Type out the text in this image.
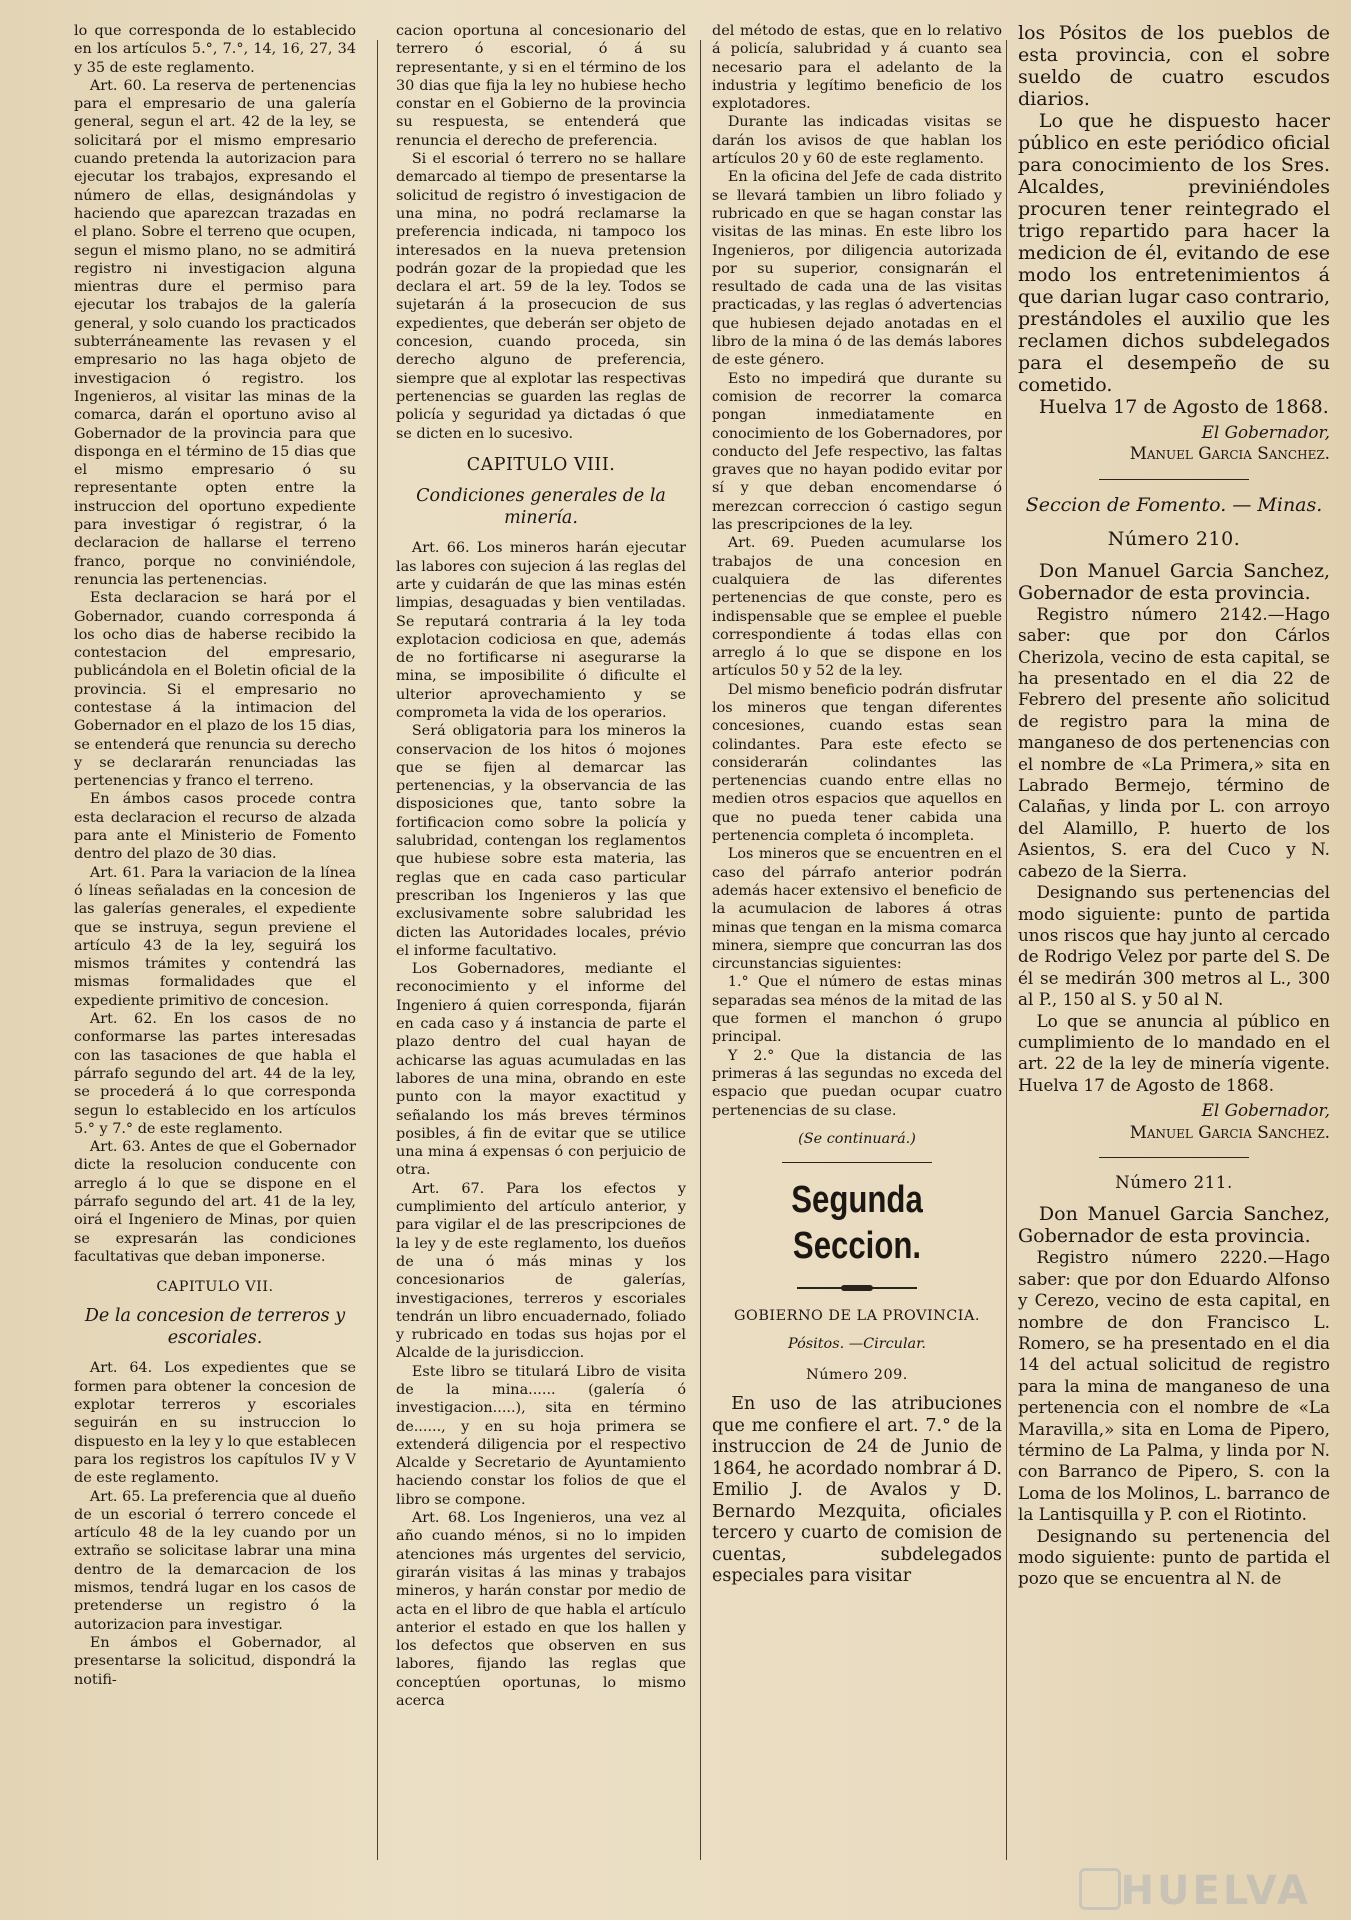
lo que corresponda de lo establecido en los artículos 5.°, 7.°, 14, 16, 27, 34 y 35 de este reglamento.

Art. 60. La reserva de pertenencias para el empresario de una galería general, segun el art. 42 de la ley, se solicitará por el mismo empresario cuando pretenda la autorizacion para ejecutar los trabajos, expresando el número de ellas, designándolas y haciendo que aparezcan trazadas en el plano. Sobre el terreno que ocupen, segun el mismo plano, no se admitirá registro ni investigacion alguna mientras dure el permiso para ejecutar los trabajos de la galería general, y solo cuando los practicados subterráneamente las revasen y el empresario no las haga objeto de investigacion ó registro. los Ingenieros, al visitar las minas de la comarca, darán el oportuno aviso al Gobernador de la provincia para que disponga en el término de 15 dias que el mismo empresario ó su representante opten entre la instruccion del oportuno expediente para investigar ó registrar, ó la declaracion de hallarse el terreno franco, porque no conviniéndole, renuncia las pertenencias.

Esta declaracion se hará por el Gobernador, cuando corresponda á los ocho dias de haberse recibido la contestacion del empresario, publicándola en el Boletin oficial de la provincia. Si el empresario no contestase á la intimacion del Gobernador en el plazo de los 15 dias, se entenderá que renuncia su derecho y se declararán renunciadas las pertenencias y franco el terreno.

En ámbos casos procede contra esta declaracion el recurso de alzada para ante el Ministerio de Fomento dentro del plazo de 30 dias.

Art. 61. Para la variacion de la línea ó líneas señaladas en la concesion de las galerías generales, el expediente que se instruya, segun previene el artículo 43 de la ley, seguirá los mismos trámites y contendrá las mismas formalidades que el expediente primitivo de concesion.

Art. 62. En los casos de no conformarse las partes interesadas con las tasaciones de que habla el párrafo segundo del art. 44 de la ley, se procederá á lo que corresponda segun lo establecido en los artículos 5.° y 7.° de este reglamento.

Art. 63. Antes de que el Gobernador dicte la resolucion conducente con arreglo á lo que se dispone en el párrafo segundo del art. 41 de la ley, oirá el Ingeniero de Minas, por quien se expresarán las condiciones facultativas que deban imponerse.

CAPITULO VII.

De la concesion de terreros y escoriales.

Art. 64. Los expedientes que se formen para obtener la concesion de explotar terreros y escoriales seguirán en su instruccion lo dispuesto en la ley y lo que establecen para los registros los capítulos IV y V de este reglamento.

Art. 65. La preferencia que al dueño de un escorial ó terrero concede el artículo 48 de la ley cuando por un extraño se solicitase labrar una mina dentro de la demarcacion de los mismos, tendrá lugar en los casos de pretenderse un registro ó la autorizacion para investigar.

En ámbos el Gobernador, al presentarse la solicitud, dispondrá la notifi-

cacion oportuna al concesionario del terrero ó escorial, ó á su representante, y si en el término de los 30 dias que fija la ley no hubiese hecho constar en el Gobierno de la provincia su respuesta, se entenderá que renuncia el derecho de preferencia.

Si el escorial ó terrero no se hallare demarcado al tiempo de presentarse la solicitud de registro ó investigacion de una mina, no podrá reclamarse la preferencia indicada, ni tampoco los interesados en la nueva pretension podrán gozar de la propiedad que les declara el art. 59 de la ley. Todos se sujetarán á la prosecucion de sus expedientes, que deberán ser objeto de concesion, cuando proceda, sin derecho alguno de preferencia, siempre que al explotar las respectivas pertenencias se guarden las reglas de policía y seguridad ya dictadas ó que se dicten en lo sucesivo.

CAPITULO VIII.

Condiciones generales de la minería.

Art. 66. Los mineros harán ejecutar las labores con sujecion á las reglas del arte y cuidarán de que las minas estén limpias, desaguadas y bien ventiladas. Se reputará contraria á la ley toda explotacion codiciosa en que, además de no fortificarse ni asegurarse la mina, se imposibilite ó dificulte el ulterior aprovechamiento y se comprometa la vida de los operarios.

Será obligatoria para los mineros la conservacion de los hitos ó mojones que se fijen al demarcar las pertenencias, y la observancia de las disposiciones que, tanto sobre la fortificacion como sobre la policía y salubridad, contengan los reglamentos que hubiese sobre esta materia, las reglas que en cada caso particular prescriban los Ingenieros y las que exclusivamente sobre salubridad les dicten las Autoridades locales, prévio el informe facultativo.

Los Gobernadores, mediante el reconocimiento y el informe del Ingeniero á quien corresponda, fijarán en cada caso y á instancia de parte el plazo dentro del cual hayan de achicarse las aguas acumuladas en las labores de una mina, obrando en este punto con la mayor exactitud y señalando los más breves términos posibles, á fin de evitar que se utilice una mina á expensas ó con perjuicio de otra.

Art. 67. Para los efectos y cumplimiento del artículo anterior, y para vigilar el de las prescripciones de la ley y de este reglamento, los dueños de una ó más minas y los concesionarios de galerías, investigaciones, terreros y escoriales tendrán un libro encuadernado, foliado y rubricado en todas sus hojas por el Alcalde de la jurisdiccion.

Este libro se titulará Libro de visita de la mina...... (galería ó investigacion.....), sita en término de......, y en su hoja primera se extenderá diligencia por el respectivo Alcalde y Secretario de Ayuntamiento haciendo constar los folios de que el libro se compone.

Art. 68. Los Ingenieros, una vez al año cuando ménos, si no lo impiden atenciones más urgentes del servicio, girarán visitas á las minas y trabajos mineros, y harán constar por medio de acta en el libro de que habla el artículo anterior el estado en que los hallen y los defectos que observen en sus labores, fijando las reglas que conceptúen oportunas, lo mismo acerca

del método de estas, que en lo relativo á policía, salubridad y á cuanto sea necesario para el adelanto de la industria y legítimo beneficio de los explotadores.

Durante las indicadas visitas se darán los avisos de que hablan los artículos 20 y 60 de este reglamento.

En la oficina del Jefe de cada distrito se llevará tambien un libro foliado y rubricado en que se hagan constar las visitas de las minas. En este libro los Ingenieros, por diligencia autorizada por su superior, consignarán el resultado de cada una de las visitas practicadas, y las reglas ó advertencias que hubiesen dejado anotadas en el libro de la mina ó de las demás labores de este género.

Esto no impedirá que durante su comision de recorrer la comarca pongan inmediatamente en conocimiento de los Gobernadores, por conducto del Jefe respectivo, las faltas graves que no hayan podido evitar por sí y que deban encomendarse ó merezcan correccion ó castigo segun las prescripciones de la ley.

Art. 69. Pueden acumularse los trabajos de una concesion en cualquiera de las diferentes pertenencias de que conste, pero es indispensable que se emplee el pueble correspondiente á todas ellas con arreglo á lo que se dispone en los artículos 50 y 52 de la ley.

Del mismo beneficio podrán disfrutar los mineros que tengan diferentes concesiones, cuando estas sean colindantes. Para este efecto se considerarán colindantes las pertenencias cuando entre ellas no medien otros espacios que aquellos en que no pueda tener cabida una pertenencia completa ó incompleta.

Los mineros que se encuentren en el caso del párrafo anterior podrán además hacer extensivo el beneficio de la acumulacion de labores á otras minas que tengan en la misma comarca minera, siempre que concurran las dos circunstancias siguientes:

1.° Que el número de estas minas separadas sea ménos de la mitad de las que formen el manchon ó grupo principal.

Y 2.° Que la distancia de las primeras á las segundas no exceda del espacio que puedan ocupar cuatro pertenencias de su clase.

(Se continuará.)

Segunda Seccion.

GOBIERNO DE LA PROVINCIA.

Pósitos. —Circular.

Número 209.

En uso de las atribuciones que me confiere el art. 7.° de la instruccion de 24 de Junio de 1864, he acordado nombrar á D. Emilio J. de Avalos y D. Bernardo Mezquita, oficiales tercero y cuarto de comision de cuentas, subdelegados especiales para visitar

los Pósitos de los pueblos de esta provincia, con el sobre sueldo de cuatro escudos diarios.

Lo que he dispuesto hacer público en este periódico oficial para conocimiento de los Sres. Alcaldes, previniéndoles procuren tener reintegrado el trigo repartido para hacer la medicion de él, evitando de ese modo los entretenimientos á que darian lugar caso contrario, prestándoles el auxilio que les reclamen dichos subdelegados para el desempeño de su cometido.

Huelva 17 de Agosto de 1868.

El Gobernador,

Manuel Garcia Sanchez.

Seccion de Fomento. — Minas.

Número 210.

Don Manuel Garcia Sanchez, Gobernador de esta provincia.

Registro número 2142.—Hago saber: que por don Cárlos Cherizola, vecino de esta capital, se ha presentado en el dia 22 de Febrero del presente año solicitud de registro para la mina de manganeso de dos pertenencias con el nombre de «La Primera,» sita en Labrado Bermejo, término de Calañas, y linda por L. con arroyo del Alamillo, P. huerto de los Asientos, S. era del Cuco y N. cabezo de la Sierra.

Designando sus pertenencias del modo siguiente: punto de partida unos riscos que hay junto al cercado de Rodrigo Velez por parte del S. De él se medirán 300 metros al L., 300 al P., 150 al S. y 50 al N.

Lo que se anuncia al público en cumplimiento de lo mandado en el art. 22 de la ley de minería vigente. Huelva 17 de Agosto de 1868.

El Gobernador,

Manuel Garcia Sanchez.

Número 211.

Don Manuel Garcia Sanchez, Gobernador de esta provincia.

Registro número 2220.—Hago saber: que por don Eduardo Alfonso y Cerezo, vecino de esta capital, en nombre de don Francisco L. Romero, se ha presentado en el dia 14 del actual solicitud de registro para la mina de manganeso de una pertenencia con el nombre de «La Maravilla,» sita en Loma de Pipero, término de La Palma, y linda por N. con Barranco de Pipero, S. con la Loma de los Molinos, L. barranco de la Lantisquilla y P. con el Riotinto.

Designando su pertenencia del modo siguiente: punto de partida el pozo que se encuentra al N. de

HUELVA
